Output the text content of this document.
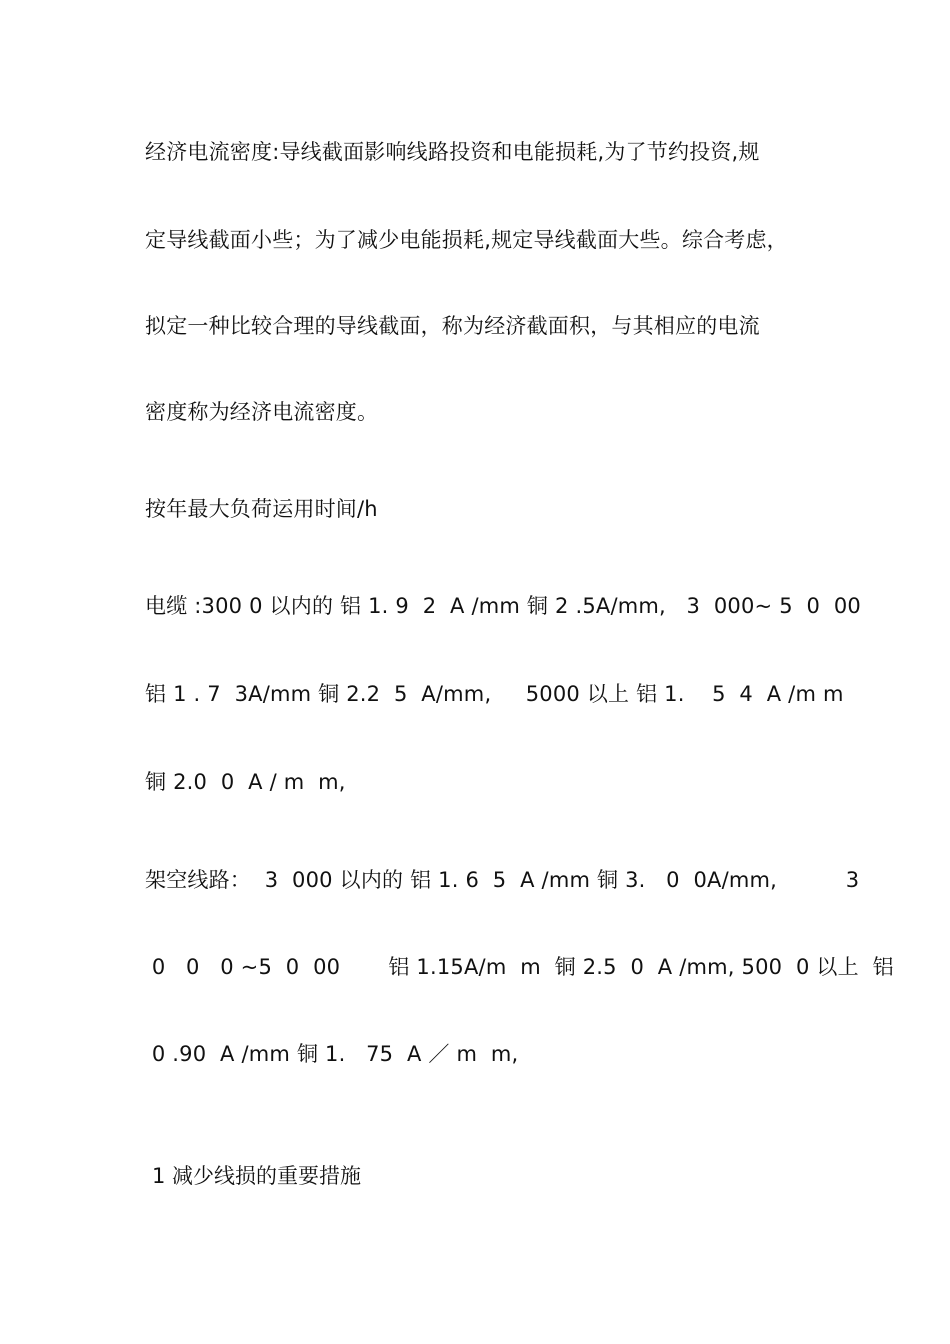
经济电流密度:导线截面影响线路投资和电能损耗,为了节约投资,规
定导线截面小些；为了减少电能损耗,规定导线截面大些。综合考虑，
拟定一种比较合理的导线截面，称为经济截面积，与其相应的电流
密度称为经济电流密度。
按年最大负荷运用时间/h
电缆 :300 0 以内的 铝 1. 9  2  A /mm 铜 2 .5A/mm,   3  000~ 5  0  00
铝 1 . 7  3A/mm 铜 2.2  5  A/mm,     5000 以上 铝 1.    5  4  A /m m
铜 2.0  0  A / m  m,
架空线路：  3  000 以内的 铝 1. 6  5  A /mm 铜 3.   0  0A/mm,          3
0   0   0 ~5  0  00       铝 1.15A/m  m  铜 2.5  0  A /mm, 500  0 以上  铝
0 .90  A /mm 铜 1.   75  A ／ m  m,
1 减少线损的重要措施
